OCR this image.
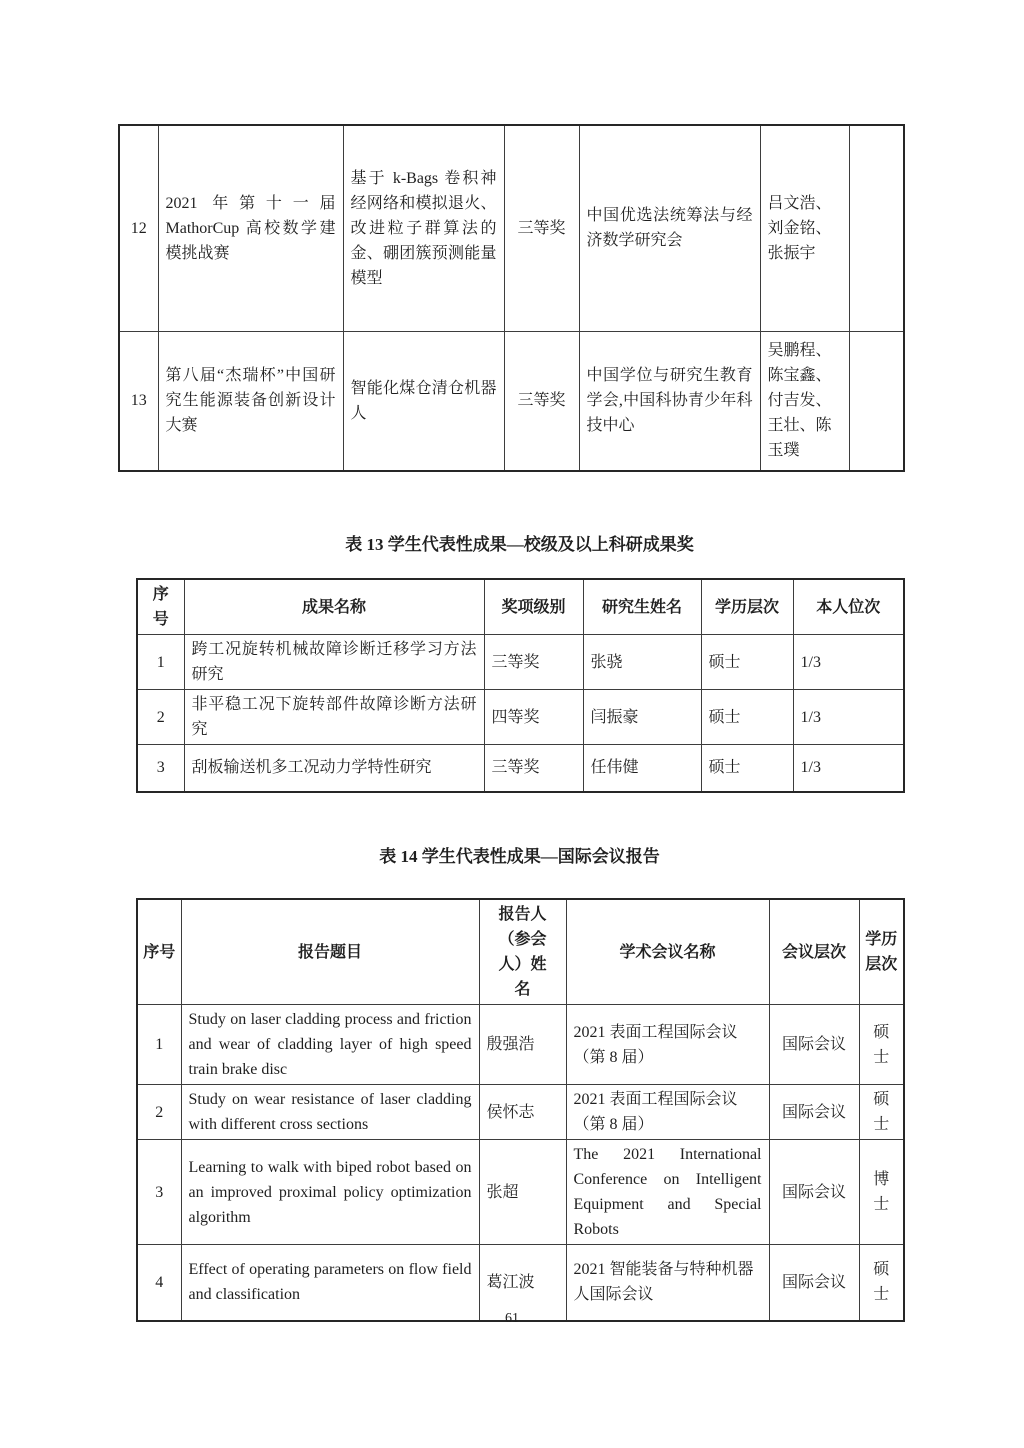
12	2021 年第十一届 MathorCup 高校数学建模挑战赛	基于 k-Bags 卷积神经网络和模拟退火、改进粒子群算法的金、硼团簇预测能量模型	三等奖	中国优选法统筹法与经济数学研究会	吕文浩、刘金铭、张振宇	
13	第八届“杰瑞杯”中国研究生能源装备创新设计大赛	智能化煤仓清仓机器人	三等奖	中国学位与研究生教育学会,中国科协青少年科技中心	吴鹏程、陈宝鑫、付吉发、王壮、陈玉璞	
表 13 学生代表性成果—校级及以上科研成果奖
序号	成果名称	奖项级别	研究生姓名	学历层次	本人位次
1	跨工况旋转机械故障诊断迁移学习方法研究	三等奖	张骁	硕士	1/3
2	非平稳工况下旋转部件故障诊断方法研究	四等奖	闫振豪	硕士	1/3
3	刮板输送机多工况动力学特性研究	三等奖	任伟健	硕士	1/3
表 14 学生代表性成果—国际会议报告
序号	报告题目	报告人（参会人）姓名	学术会议名称	会议层次	学历层次
1	Study on laser cladding process and friction and wear of cladding layer of high speed train brake disc	殷强浩	2021 表面工程国际会议（第 8 届）	国际会议	硕士
2	Study on wear resistance of laser cladding with different cross sections	侯怀志	2021 表面工程国际会议（第 8 届）	国际会议	硕士
3	Learning to walk with biped robot based on an improved proximal policy optimization algorithm	张超	The 2021 International Conference on Intelligent Equipment and Special Robots	国际会议	博士
4	Effect of operating parameters on flow field and classification	葛江波	2021 智能装备与特种机器人国际会议	国际会议	硕士
61
